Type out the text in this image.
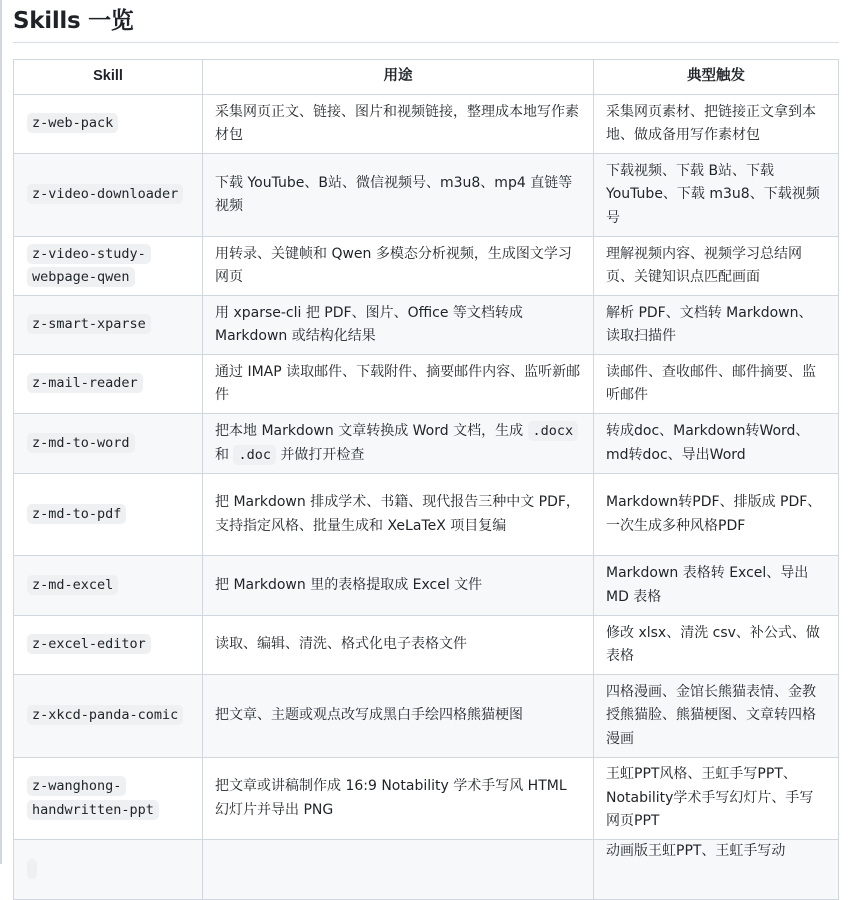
Skills 一览
Skill	用途	典型触发
z-web-pack	采集网页正文、链接、图片和视频链接，整理成本地写作素材包	采集网页素材、把链接正文拿到本地、做成备用写作素材包
z-video-downloader	下载 YouTube、B站、微信视频号、m3u8、mp4 直链等视频	下载视频、下载 B站、下载 YouTube、下载 m3u8、下载视频号
z-video-study-webpage-qwen	用转录、关键帧和 Qwen 多模态分析视频，生成图文学习网页	理解视频内容、视频学习总结网页、关键知识点匹配画面
z-smart-xparse	用 xparse-cli 把 PDF、图片、Office 等文档转成 Markdown 或结构化结果	解析 PDF、文档转 Markdown、读取扫描件
z-mail-reader	通过 IMAP 读取邮件、下载附件、摘要邮件内容、监听新邮件	读邮件、查收邮件、邮件摘要、监听邮件
z-md-to-word	把本地 Markdown 文章转换成 Word 文档，生成 .docx 和 .doc 并做打开检查	转成doc、Markdown转Word、md转doc、导出Word
z-md-to-pdf	把 Markdown 排成学术、书籍、现代报告三种中文 PDF，支持指定风格、批量生成和 XeLaTeX 项目复编	Markdown转PDF、排版成 PDF、一次生成多种风格PDF
z-md-excel	把 Markdown 里的表格提取成 Excel 文件	Markdown 表格转 Excel、导出 MD 表格
z-excel-editor	读取、编辑、清洗、格式化电子表格文件	修改 xlsx、清洗 csv、补公式、做表格
z-xkcd-panda-comic	把文章、主题或观点改写成黑白手绘四格熊猫梗图	四格漫画、金馆长熊猫表情、金教授熊猫脸、熊猫梗图、文章转四格漫画
z-wanghong-handwritten-ppt	把文章或讲稿制作成 16:9 Notability 学术手写风 HTML 幻灯片并导出 PNG	王虹PPT风格、王虹手写PPT、Notability学术手写幻灯片、手写网页PPT
		动画版王虹PPT、王虹手写动
